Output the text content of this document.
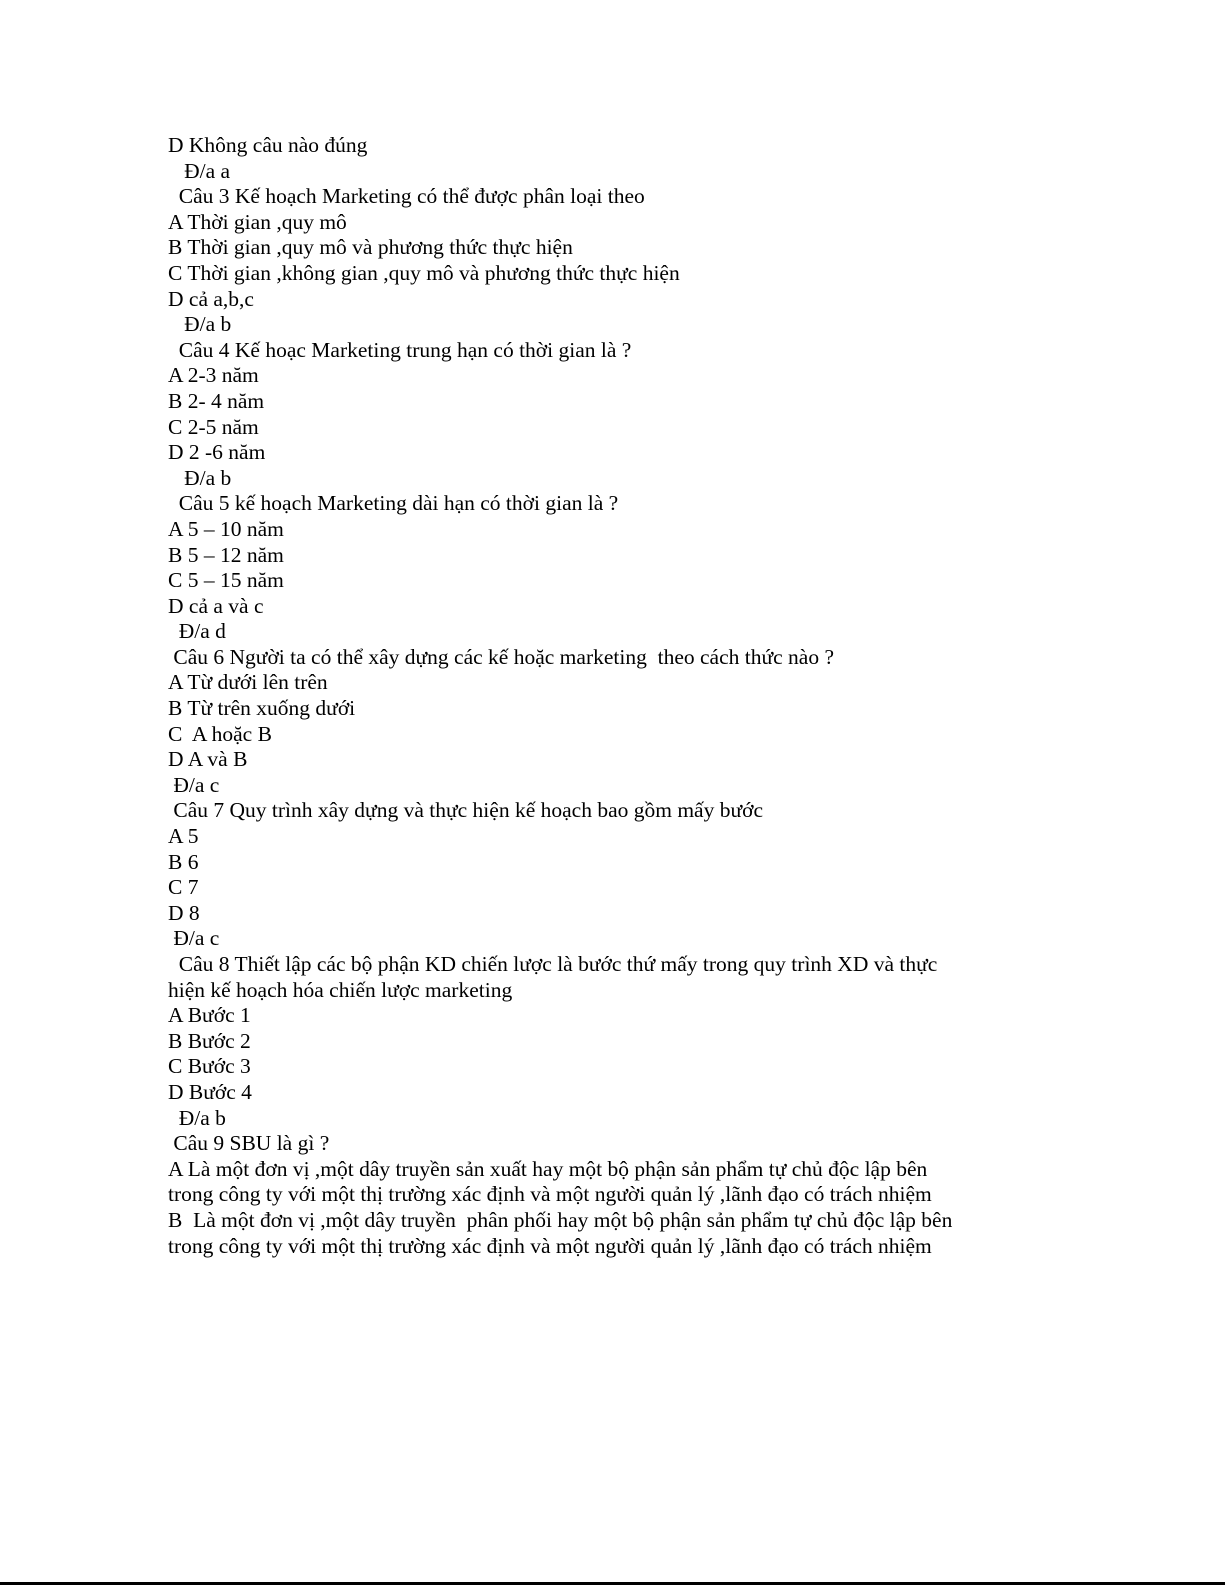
D Không câu nào đúng
Đ/a a
Câu 3 Kế hoạch Marketing có thể được phân loại theo
A Thời gian ,quy mô
B Thời gian ,quy mô và phương thức thực hiện
C Thời gian ,không gian ,quy mô và phương thức thực hiện
D cả a,b,c
Đ/a b
Câu 4 Kế hoạc Marketing trung hạn có thời gian là ?
A 2-3 năm
B 2- 4 năm
C 2-5 năm
D 2 -6 năm
Đ/a b
Câu 5 kế hoạch Marketing dài hạn có thời gian là ?
A 5 – 10 năm
B 5 – 12 năm
C 5 – 15 năm
D cả a và c
Đ/a d
Câu 6 Người ta có thể xây dựng các kế hoặc marketing  theo cách thức nào ?
A Từ dưới lên trên
B Từ trên xuống dưới
C  A hoặc B
D A và B
Đ/a c
Câu 7 Quy trình xây dựng và thực hiện kế hoạch bao gồm mấy bước
A 5
B 6
C 7
D 8
Đ/a c
Câu 8 Thiết lập các bộ phận KD chiến lược là bước thứ mấy trong quy trình XD và thực hiện kế hoạch hóa chiến lược marketing
A Bước 1
B Bước 2
C Bước 3
D Bước 4
Đ/a b
Câu 9 SBU là gì ?
A Là một đơn vị ,một dây truyền sản xuất hay một bộ phận sản phẩm tự chủ độc lập bên trong công ty với một thị trường xác định và một người quản lý ,lãnh đạo có trách nhiệm
B  Là một đơn vị ,một dây truyền  phân phối hay một bộ phận sản phẩm tự chủ độc lập bên trong công ty với một thị trường xác định và một người quản lý ,lãnh đạo có trách nhiệm
